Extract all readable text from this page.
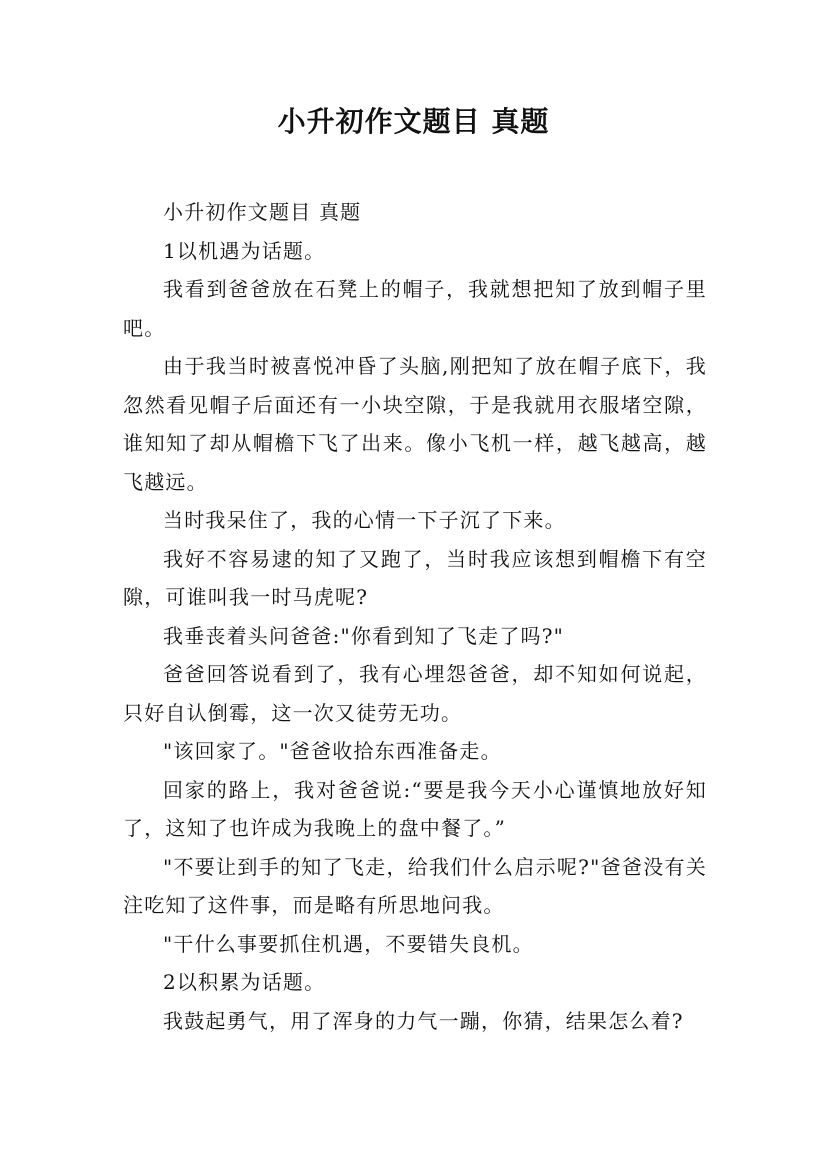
小升初作文题目 真题

小升初作文题目 真题

1以机遇为话题。

我看到爸爸放在石凳上的帽子，我就想把知了放到帽子里吧。

由于我当时被喜悦冲昏了头脑,刚把知了放在帽子底下，我忽然看见帽子后面还有一小块空隙，于是我就用衣服堵空隙，谁知知了却从帽檐下飞了出来。像小飞机一样，越飞越高，越飞越远。

当时我呆住了，我的心情一下子沉了下来。

我好不容易逮的知了又跑了，当时我应该想到帽檐下有空隙，可谁叫我一时马虎呢?

我垂丧着头问爸爸:"你看到知了飞走了吗?"

爸爸回答说看到了，我有心埋怨爸爸，却不知如何说起，只好自认倒霉，这一次又徒劳无功。

"该回家了。"爸爸收拾东西准备走。

回家的路上，我对爸爸说:“要是我今天小心谨慎地放好知了，这知了也许成为我晚上的盘中餐了。”

"不要让到手的知了飞走，给我们什么启示呢?"爸爸没有关注吃知了这件事，而是略有所思地问我。

"干什么事要抓住机遇，不要错失良机。

2以积累为话题。

我鼓起勇气，用了浑身的力气一蹦，你猜，结果怎么着?
